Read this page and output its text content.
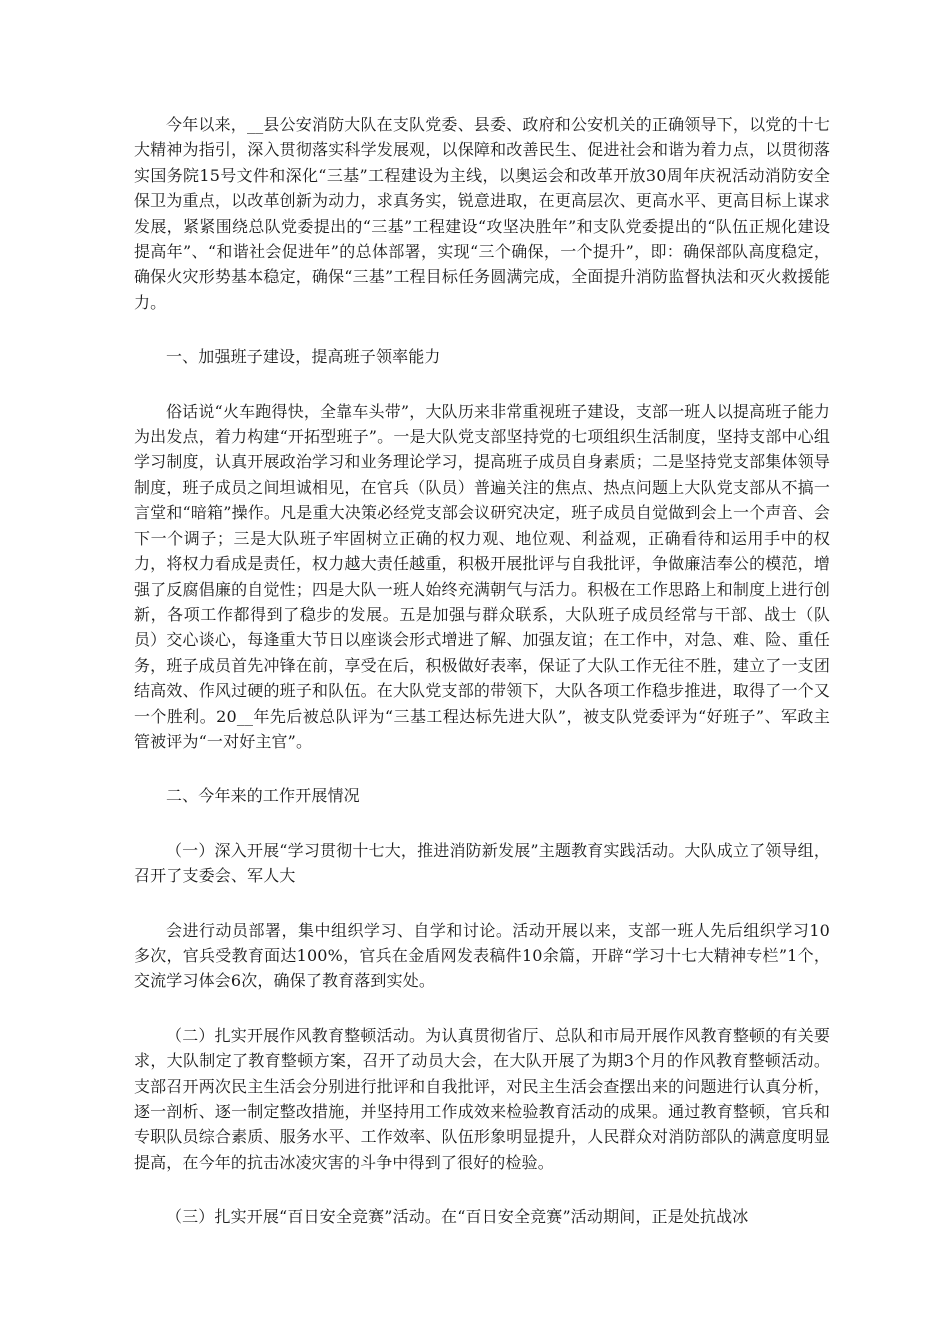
今年以来，__县公安消防大队在支队党委、县委、政府和公安机关的正确领导下，以党的十七大精神为指引，深入贯彻落实科学发展观，以保障和改善民生、促进社会和谐为着力点，以贯彻落实国务院15号文件和深化“三基”工程建设为主线，以奥运会和改革开放30周年庆祝活动消防安全保卫为重点，以改革创新为动力，求真务实，锐意进取，在更高层次、更高水平、更高目标上谋求发展，紧紧围绕总队党委提出的“三基”工程建设“攻坚决胜年”和支队党委提出的“队伍正规化建设提高年”、“和谐社会促进年”的总体部署，实现“三个确保，一个提升”，即：确保部队高度稳定，确保火灾形势基本稳定，确保“三基”工程目标任务圆满完成，全面提升消防监督执法和灭火救援能力。

一、加强班子建设，提高班子领率能力

俗话说“火车跑得快，全靠车头带”，大队历来非常重视班子建设，支部一班人以提高班子能力为出发点，着力构建“开拓型班子”。一是大队党支部坚持党的七项组织生活制度，坚持支部中心组学习制度，认真开展政治学习和业务理论学习，提高班子成员自身素质；二是坚持党支部集体领导制度，班子成员之间坦诚相见，在官兵（队员）普遍关注的焦点、热点问题上大队党支部从不搞一言堂和“暗箱”操作。凡是重大决策必经党支部会议研究决定，班子成员自觉做到会上一个声音、会下一个调子；三是大队班子牢固树立正确的权力观、地位观、利益观，正确看待和运用手中的权力，将权力看成是责任，权力越大责任越重，积极开展批评与自我批评，争做廉洁奉公的模范，增强了反腐倡廉的自觉性；四是大队一班人始终充满朝气与活力。积极在工作思路上和制度上进行创新，各项工作都得到了稳步的发展。五是加强与群众联系，大队班子成员经常与干部、战士（队员）交心谈心，每逢重大节日以座谈会形式增进了解、加强友谊；在工作中，对急、难、险、重任务，班子成员首先冲锋在前，享受在后，积极做好表率，保证了大队工作无往不胜，建立了一支团结高效、作风过硬的班子和队伍。在大队党支部的带领下，大队各项工作稳步推进，取得了一个又一个胜利。20__年先后被总队评为“三基工程达标先进大队”，被支队党委评为“好班子”、军政主管被评为“一对好主官”。

二、今年来的工作开展情况

（一）深入开展“学习贯彻十七大，推进消防新发展”主题教育实践活动。大队成立了领导组，召开了支委会、军人大

会进行动员部署，集中组织学习、自学和讨论。活动开展以来，支部一班人先后组织学习10多次，官兵受教育面达100%，官兵在金盾网发表稿件10余篇，开辟“学习十七大精神专栏”1个，交流学习体会6次，确保了教育落到实处。

（二）扎实开展作风教育整顿活动。为认真贯彻省厅、总队和市局开展作风教育整顿的有关要求，大队制定了教育整顿方案，召开了动员大会，在大队开展了为期3个月的作风教育整顿活动。支部召开两次民主生活会分别进行批评和自我批评，对民主生活会查摆出来的问题进行认真分析，逐一剖析、逐一制定整改措施，并坚持用工作成效来检验教育活动的成果。通过教育整顿，官兵和专职队员综合素质、服务水平、工作效率、队伍形象明显提升，人民群众对消防部队的满意度明显提高，在今年的抗击冰凌灾害的斗争中得到了很好的检验。

（三）扎实开展“百日安全竞赛”活动。在“百日安全竞赛”活动期间，正是处抗战冰
